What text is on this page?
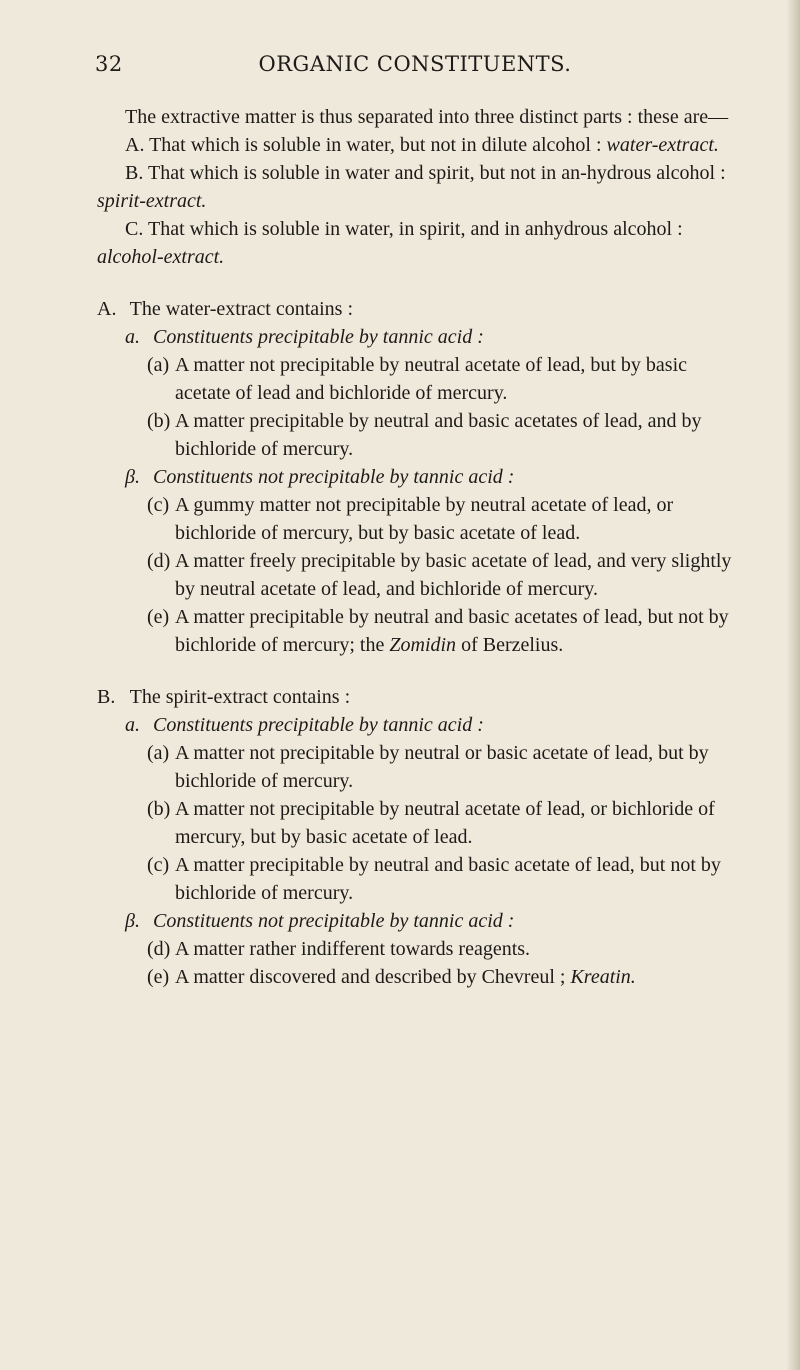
32	ORGANIC CONSTITUENTS.

The extractive matter is thus separated into three distinct parts : these are—

A. That which is soluble in water, but not in dilute alcohol : water-extract.

B. That which is soluble in water and spirit, but not in an-hydrous alcohol : spirit-extract.

C. That which is soluble in water, in spirit, and in anhydrous alcohol : alcohol-extract.

A. The water-extract contains :

a. Constituents precipitable by tannic acid :

(a) A matter not precipitable by neutral acetate of lead, but by basic acetate of lead and bichloride of mercury.

(b) A matter precipitable by neutral and basic acetates of lead, and by bichloride of mercury.

β. Constituents not precipitable by tannic acid :

(c) A gummy matter not precipitable by neutral acetate of lead, or bichloride of mercury, but by basic acetate of lead.

(d) A matter freely precipitable by basic acetate of lead, and very slightly by neutral acetate of lead, and bichloride of mercury.

(e) A matter precipitable by neutral and basic acetates of lead, but not by bichloride of mercury; the Zomidin of Berzelius.

B. The spirit-extract contains :

a. Constituents precipitable by tannic acid :

(a) A matter not precipitable by neutral or basic acetate of lead, but by bichloride of mercury.

(b) A matter not precipitable by neutral acetate of lead, or bichloride of mercury, but by basic acetate of lead.

(c) A matter precipitable by neutral and basic acetate of lead, but not by bichloride of mercury.

β. Constituents not precipitable by tannic acid :

(d) A matter rather indifferent towards reagents.

(e) A matter discovered and described by Chevreul ; Kreatin.
